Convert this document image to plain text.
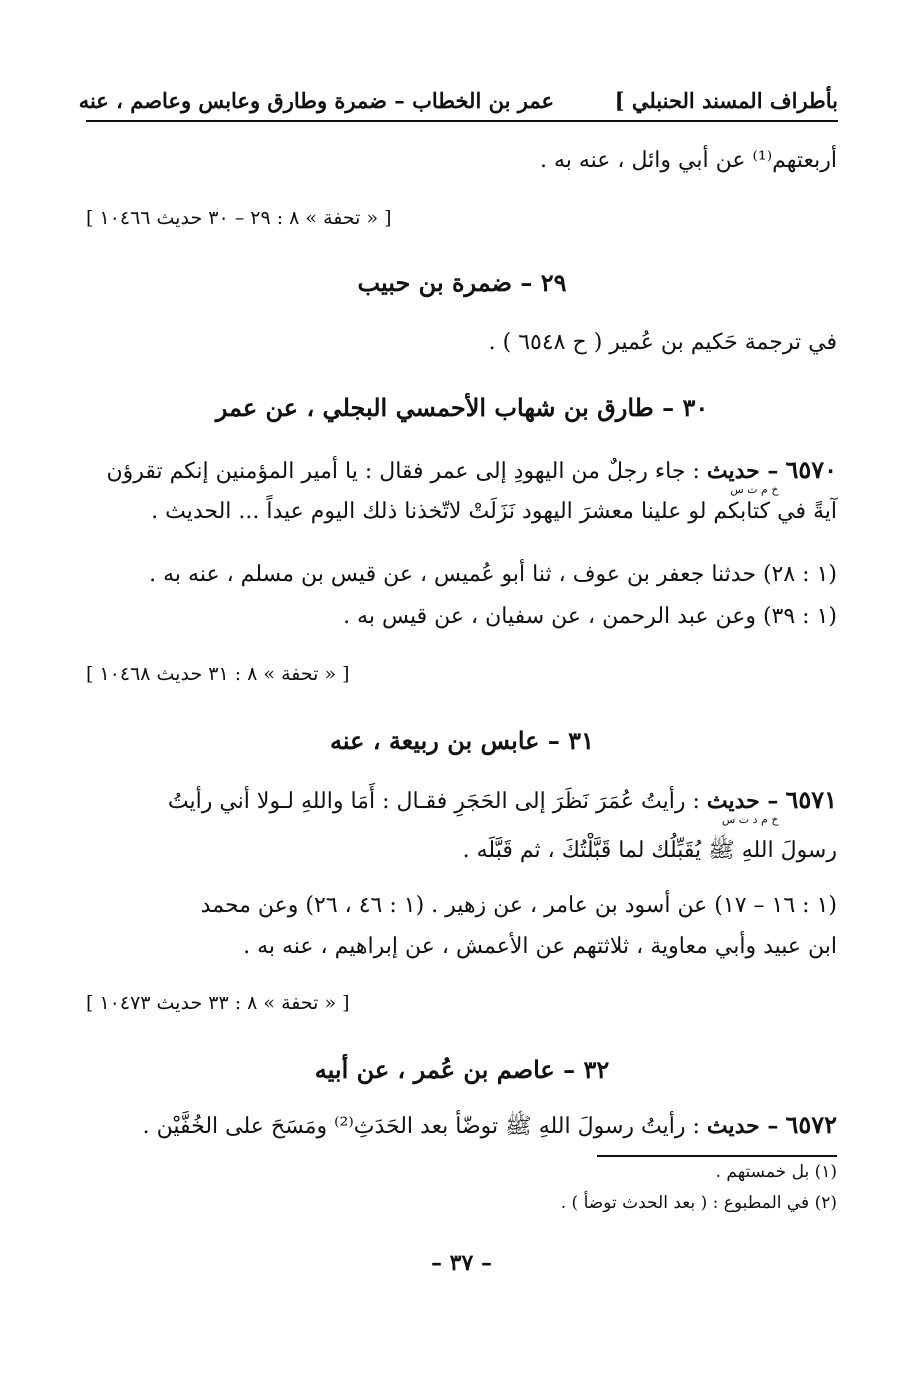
بأطراف المسند الحنبلي ]
عمر بن الخطاب – ضمرة وطارق وعابس وعاصم ، عنه
أربعتهم⁽¹⁾ عن أبي وائل ، عنه به .
[ « تحفة » ٨ : ٢٩ – ٣٠ حديث ١٠٤٦٦ ]
٢٩ – ضمرة بن حبيب
في ترجمة حَكيم بن عُمير ( ح ٦٥٤٨ ) .
٣٠ – طارق بن شهاب الأحمسي البجلي ، عن عمر
٦٥٧٠ – حديث
خ م ت س
: جاء رجلٌ من اليهودِ إلى عمر فقال : يا أمير المؤمنين إنكم تقرؤن
آيةً في كتابكم لو علينا معشرَ اليهود نَزَلَتْ لاتّخذنا ذلك اليوم عيداً ... الحديث .
(١ : ٢٨) حدثنا جعفر بن عوف ، ثنا أبو عُميس ، عن قيس بن مسلم ، عنه به .
(١ : ٣٩) وعن عبد الرحمن ، عن سفيان ، عن قيس به .
[ « تحفة » ٨ : ٣١ حديث ١٠٤٦٨ ]
٣١ – عابس بن ربيعة ، عنه
٦٥٧١ – حديث
خ م د ت س
: رأيتُ عُمَرَ نَظَرَ إلى الحَجَرِ فقـال : أَمَا واللهِ لـولا أني رأيتُ
رسولَ اللهِ ﷺ يُقَبِّلُك لما قَبَّلْتُكَ ، ثم قَبَّلَه .
(١ : ١٦ – ١٧) عن أسود بن عامر ، عن زهير . (١ : ٤٦ ، ٢٦) وعن محمد
ابن عبيد وأبي معاوية ، ثلاثتهم عن الأعمش ، عن إبراهيم ، عنه به .
[ « تحفة » ٨ : ٣٣ حديث ١٠٤٧٣ ]
٣٢ – عاصم بن عُمر ، عن أبيه
٦٥٧٢ – حديث : رأيتُ رسولَ اللهِ ﷺ توضّأ بعد الحَدَثِ⁽²⁾ ومَسَحَ على الخُفَّيْن .
(١) بل خمستهم .
(٢) في المطبوع : ( بعد الحدث توضأ ) .
– ٣٧ –
